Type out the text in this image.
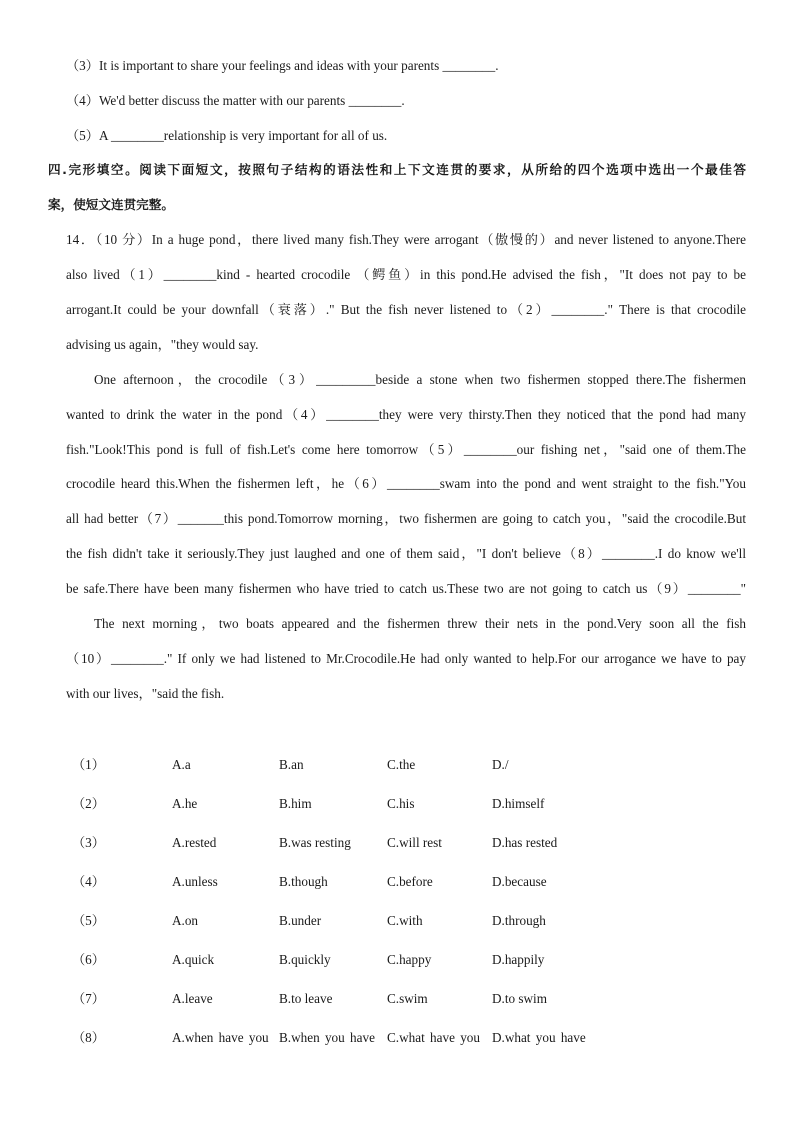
（3）It is important to share your feelings and ideas with your parents ________.
（4）We'd better discuss the matter with our parents ________.
（5）A ________relationship is very important for all of us.
四.完形填空。阅读下面短文，按照句子结构的语法性和上下文连贯的要求，从所给的四个选项中选出一个最佳答
案，使短文连贯完整。
14．（10 分）In a huge pond，there lived many fish.They were arrogant（傲慢的）and never listened to anyone.There
also lived（1）________kind - hearted crocodile （鳄鱼）in this pond.He advised the fish，"It does not pay to be
arrogant.It could be your downfall（衰落）." But the fish never listened to（2）________." There is that crocodile
advising us again，"they would say.
One afternoon，the crocodile（3）_________beside a stone when two fishermen stopped there.The fishermen
wanted to drink the water in the pond（4）________they were very thirsty.Then they noticed that the pond had many
fish."Look!This pond is full of fish.Let's come here tomorrow（5）________our fishing net，"said one of them.The
crocodile heard this.When the fishermen left，he（6）________swam into the pond and went straight to the fish."You
all had better（7）_______this pond.Tomorrow morning，two fishermen are going to catch you，"said the crocodile.But
the fish didn't take it seriously.They just laughed and one of them said，"I don't believe（8）________.I do know we'll
be safe.There have been many fishermen who have tried to catch us.These two are not going to catch us（9）________"
The next morning，two boats appeared and the fishermen threw their nets in the pond.Very soon all the fish
（10）________." If only we had listened to Mr.Crocodile.He had only wanted to help.For our arrogance we have to pay
with our lives，"said the fish.
（1）	A.a	B.an	C.the	D./
（2）	A.he	B.him	C.his	D.himself
（3）	A.rested	B.was resting	C.will rest	D.has rested
（4）	A.unless	B.though	C.before	D.because
（5）	A.on	B.under	C.with	D.through
（6）	A.quick	B.quickly	C.happy	D.happily
（7）	A.leave	B.to leave	C.swim	D.to swim
（8）	A.when have you B.when you have C.what have you D.what you have
